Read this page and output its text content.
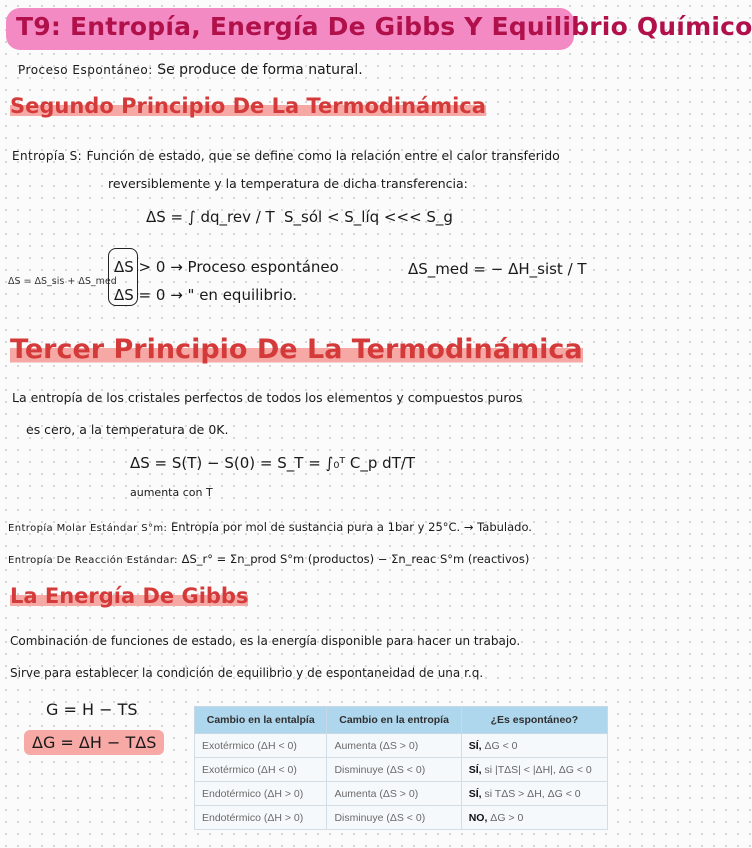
T9: Entropía, Energía De Gibbs Y Equilibrio Químico
Proceso Espontáneo: Se produce de forma natural.
Segundo Principio De La Termodinámica
Entropía S: Función de estado, que se define como la relación entre el calor transferido
reversiblemente y la temperatura de dicha transferencia:
ΔS = ∫ dq_rev / T S_sól < S_líq <<< S_g
ΔS = ΔS_sis + ΔS_med
ΔS > 0 → Proceso espontáneo
ΔS = 0 → " en equilibrio.
ΔS_med = − ΔH_sist / T
Tercer Principio De La Termodinámica
La entropía de los cristales perfectos de todos los elementos y compuestos puros
es cero, a la temperatura de 0K.
ΔS = S(T) − S(0) = S_T = ∫₀ᵀ C_p dT/T
aumenta con T
Entropía Molar Estándar S°m: Entropía por mol de sustancia pura a 1bar y 25°C. → Tabulado.
Entropía De Reacción Estándar: ΔS_r° = Σn_prod S°m (productos) − Σn_reac S°m (reactivos)
La Energía De Gibbs
Combinación de funciones de estado, es la energía disponible para hacer un trabajo.
Sirve para establecer la condición de equilibrio y de espontaneidad de una r.q.
G = H − TS
ΔG = ΔH − TΔS
Cambio en la entalpía	Cambio en la entropía	¿Es espontáneo?
Exotérmico (ΔH < 0)	Aumenta (ΔS > 0)	SÍ, ΔG < 0
Exotérmico (ΔH < 0)	Disminuye (ΔS < 0)	SÍ, si |TΔS| < |ΔH|, ΔG < 0
Endotérmico (ΔH > 0)	Aumenta (ΔS > 0)	SÍ, si TΔS > ΔH, ΔG < 0
Endotérmico (ΔH > 0)	Disminuye (ΔS < 0)	NO, ΔG > 0
